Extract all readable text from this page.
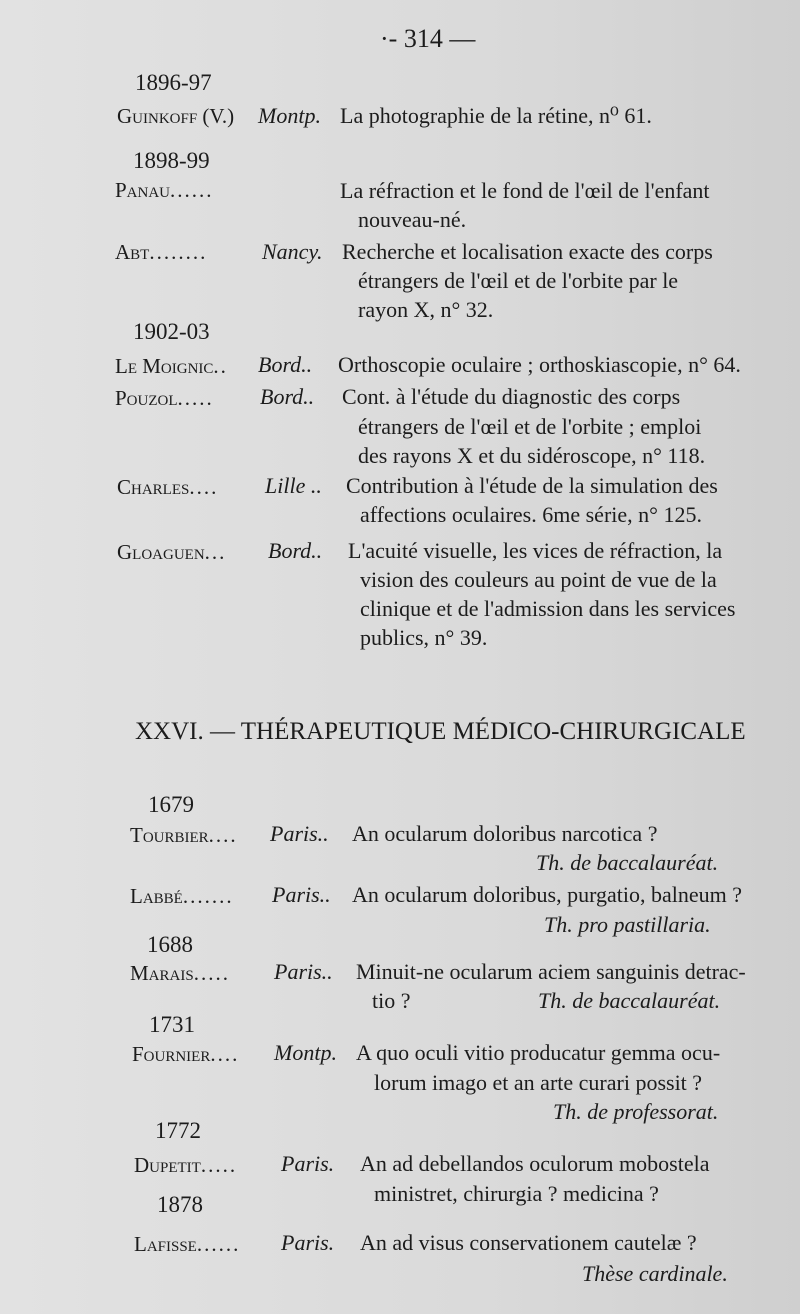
·- 314 —
1896-97
Guinkoff (V.) Montp. La photographie de la rétine, n⁰ 61.
1898-99
Panau......	La réfraction et le fond de l'œil de l'enfant
nouveau-né.
Abt........ Nancy. Recherche et localisation exacte des corps
étrangers de l'œil et de l'orbite par le
rayon X, n° 32.
1902-03
Le Moignic.. Bord.. Orthoscopie oculaire ; orthoskiascopie, n° 64.
Pouzol..... Bord.. Cont. à l'étude du diagnostic des corps
étrangers de l'œil et de l'orbite ; emploi
des rayons X et du sidéroscope, n° 118.
Charles.... Lille .. Contribution à l'étude de la simulation des
affections oculaires. 6me série, n° 125.
Gloaguen... Bord.. L'acuité visuelle, les vices de réfraction, la
vision des couleurs au point de vue de la
clinique et de l'admission dans les services
publics, n° 39.
XXVI. — THÉRAPEUTIQUE MÉDICO-CHIRURGICALE
1679
Tourbier.... Paris.. An ocularum doloribus narcotica ?
Th. de baccalauréat.
Labbé....... Paris.. An ocularum doloribus, purgatio, balneum ?
Th. pro pastillaria.
1688
Marais..... Paris.. Minuit-ne ocularum aciem sanguinis detrac-
tio ?	Th. de baccalauréat.
1731
Fournier.... Montp. A quo oculi vitio producatur gemma ocu-
lorum imago et an arte curari possit ?
Th. de professorat.
1772
Dupetit..... Paris. An ad debellandos oculorum mobostela
ministret, chirurgia ? medicina ?
1878
Lafisse...... Paris. An ad visus conservationem cautelæ ?
Thèse cardinale.
